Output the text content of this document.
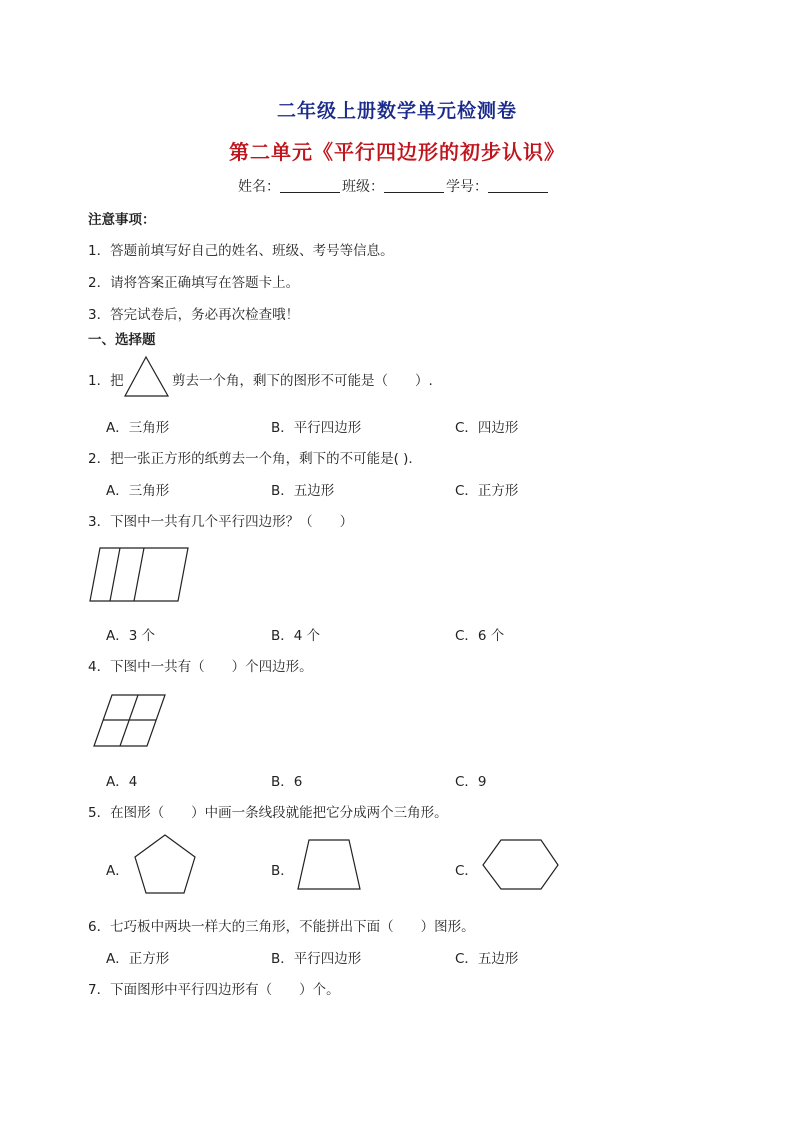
二年级上册数学单元检测卷
第二单元《平行四边形的初步认识》
姓名：	班级：	学号：
注意事项：
1．答题前填写好自己的姓名、班级、考号等信息。
2．请将答案正确填写在答题卡上。
3．答完试卷后，务必再次检查哦！
一、选择题
1．把	剪去一个角，剩下的图形不可能是（　　）.
A．三角形	B．平行四边形	C．四边形
2．把一张正方形的纸剪去一个角，剩下的不可能是( ).
A．三角形	B．五边形	C．正方形
3．下图中一共有几个平行四边形？（　　）
A．3 个	B．4 个	C．6 个
4．下图中一共有（　　）个四边形。
A．4	B．6	C．9
5．在图形（　　）中画一条线段就能把它分成两个三角形。
A．	B．	C．
6．七巧板中两块一样大的三角形，不能拼出下面（　　）图形。
A．正方形	B．平行四边形	C．五边形
7．下面图形中平行四边形有（　　）个。
